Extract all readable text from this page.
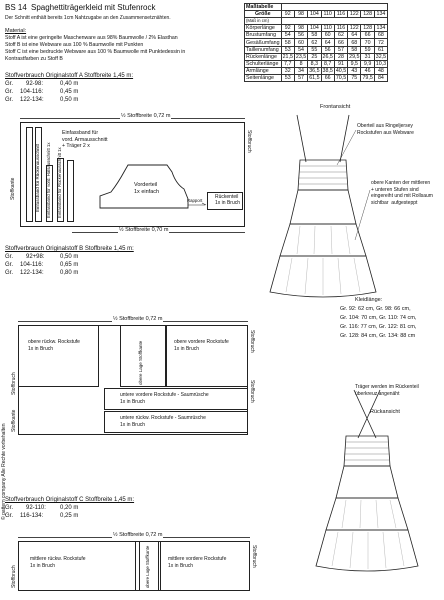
BS 14 Spaghettiträgerkleid mit Stufenrock
Der Schnitt enthält bereits 1cm Nahtzugabe an den Zusammensetznähten.
Material:
Stoff A ist eine geringelte Maschenware aus 98% Baumwolle / 2% Elasthan
Stoff B ist eine Webware aus 100 % Baumwolle mit Punkten
Stoff C ist eine bedruckte Webware aus 100 % Baumwolle mit Punktedessin in
Kontrastfarben zu Stoff B
Maßtabelle								
Größe	92	98	104	110	116	122	128	134
(Maß in cm)								
Körperlänge	92	98	104	110	116	122	128	134
Brustumfang	54	56	58	60	62	64	66	68
Gesäßumfang	58	60	62	64	66	68	70	72
Taillenumfang	53	54	55	56	57	58	59	61
Rückenlänge	21,5	23,5	25	26,5	28	29,5	31	32,5
Schulterlänge	7,7	8	8,3	8,7	91	9,5	9,9	10,3
Armlänge	32	34	36,5	38,5	40,5	43	46	48
Seitenlänge	53	57	61,5	66	70,5	75	79,5	84
Stoffverbrauch Originalstoff A Stoffbreite 1,45 m:
Gr. 92-98:	0,40 m
Gr. 104-116:	0,45 m
Gr. 122-134:	0,50 m
½ Stoffbreite 0,72 m
Stoffkante
Stoffbruch
Einfassband für Rückenausschnitt Einfassband für vord. Halsausschnitt 1x Einfassband für Rückenausschnitt 1x
Einfassband für
vord. Armausschnitt
+ Träger 2 x
Vorderteil
1x einfach
Rapport
Rückenteil
1x in Bruch
½ Stoffbreite 0,70 m
Stoffverbrauch Originalstoff B Stoffbreite 1,45 m:
Gr. 92+98:	0,50 m
Gr. 104-116:	0,65 m
Gr. 122-134:	0,80 m
½ Stoffbreite 0,72 m
Stoffbruch
Stoffkante
Stoffbruch
Stoffbruch
obere rückw. Rockstufe
1x in Bruch	obere Lage Stoffkante	obere vordere Rockstufe
1x in Bruch
untere vordere Rockstufe - Saumrüsche
1x in Bruch
untere rückw. Rockstufe - Saumrüsche
1x in Bruch
Stoffverbrauch Originalstoff C Stoffbreite 1,45 m:
Gr. 92-110: 0,20 m
Gr. 116-134:	0,25 m
½ Stoffbreite 0,72 m
Stoffbruch
Stoffbruch
mittlere rückw. Rockstufe
1x in Bruch	obere Lage Stoffkante	mittlere vordere Rockstufe
1x in Bruch
© pattern company Alle Rechte vorbehalten
Frontansicht
Oberteil aus Ringeljersey
Rockstufen aus Webware
obere Kanten der mittleren
+ unteren Stufen sind
eingereiht und mit Rollsaum
sichtbar  aufgesteppt
Kleidlänge:
Gr. 92: 62 cm, Gr. 98: 66 cm,
Gr. 104: 70 cm, Gr. 110: 74 cm,
Gr. 116: 77 cm, Gr. 122: 81 cm,
Gr. 128: 84 cm, Gr. 134: 88 cm
Träger werden im Rückenteil
überkreuz angenäht
Rückansicht
